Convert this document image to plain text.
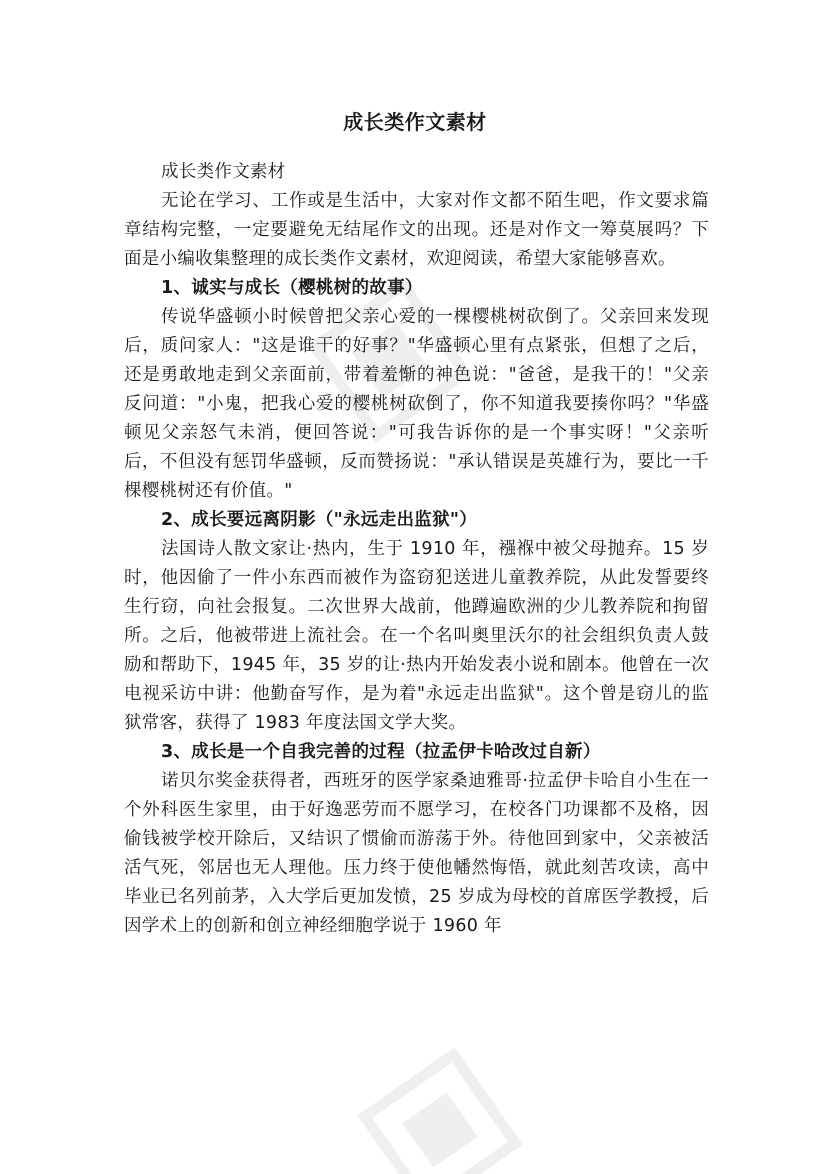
成长类作文素材

成长类作文素材

无论在学习、工作或是生活中，大家对作文都不陌生吧，作文要求篇章结构完整，一定要避免无结尾作文的出现。还是对作文一筹莫展吗？下面是小编收集整理的成长类作文素材，欢迎阅读，希望大家能够喜欢。

1、诚实与成长（樱桃树的故事）

传说华盛顿小时候曾把父亲心爱的一棵樱桃树砍倒了。父亲回来发现后，质问家人："这是谁干的好事？"华盛顿心里有点紧张，但想了之后，还是勇敢地走到父亲面前，带着羞惭的神色说："爸爸，是我干的！"父亲反问道："小鬼，把我心爱的樱桃树砍倒了，你不知道我要揍你吗？"华盛顿见父亲怒气未消，便回答说："可我告诉你的是一个事实呀！"父亲听后，不但没有惩罚华盛顿，反而赞扬说："承认错误是英雄行为，要比一千棵樱桃树还有价值。"

2、成长要远离阴影（"永远走出监狱"）

法国诗人散文家让·热内，生于 1910 年，襁褓中被父母抛弃。15 岁时，他因偷了一件小东西而被作为盗窃犯送进儿童教养院，从此发誓要终生行窃，向社会报复。二次世界大战前，他蹲遍欧洲的少儿教养院和拘留所。之后，他被带进上流社会。在一个名叫奥里沃尔的社会组织负责人鼓励和帮助下，1945 年，35 岁的让·热内开始发表小说和剧本。他曾在一次电视采访中讲：他勤奋写作，是为着"永远走出监狱"。这个曾是窃儿的监狱常客，获得了 1983 年度法国文学大奖。

3、成长是一个自我完善的过程（拉孟伊卡哈改过自新）

诺贝尔奖金获得者，西班牙的医学家桑迪雅哥·拉孟伊卡哈自小生在一个外科医生家里，由于好逸恶劳而不愿学习，在校各门功课都不及格，因偷钱被学校开除后，又结识了惯偷而游荡于外。待他回到家中，父亲被活活气死，邻居也无人理他。压力终于使他幡然悔悟，就此刻苦攻读，高中毕业已名列前茅，入大学后更加发愤，25 岁成为母校的首席医学教授，后因学术上的创新和创立神经细胞学说于 1960 年
